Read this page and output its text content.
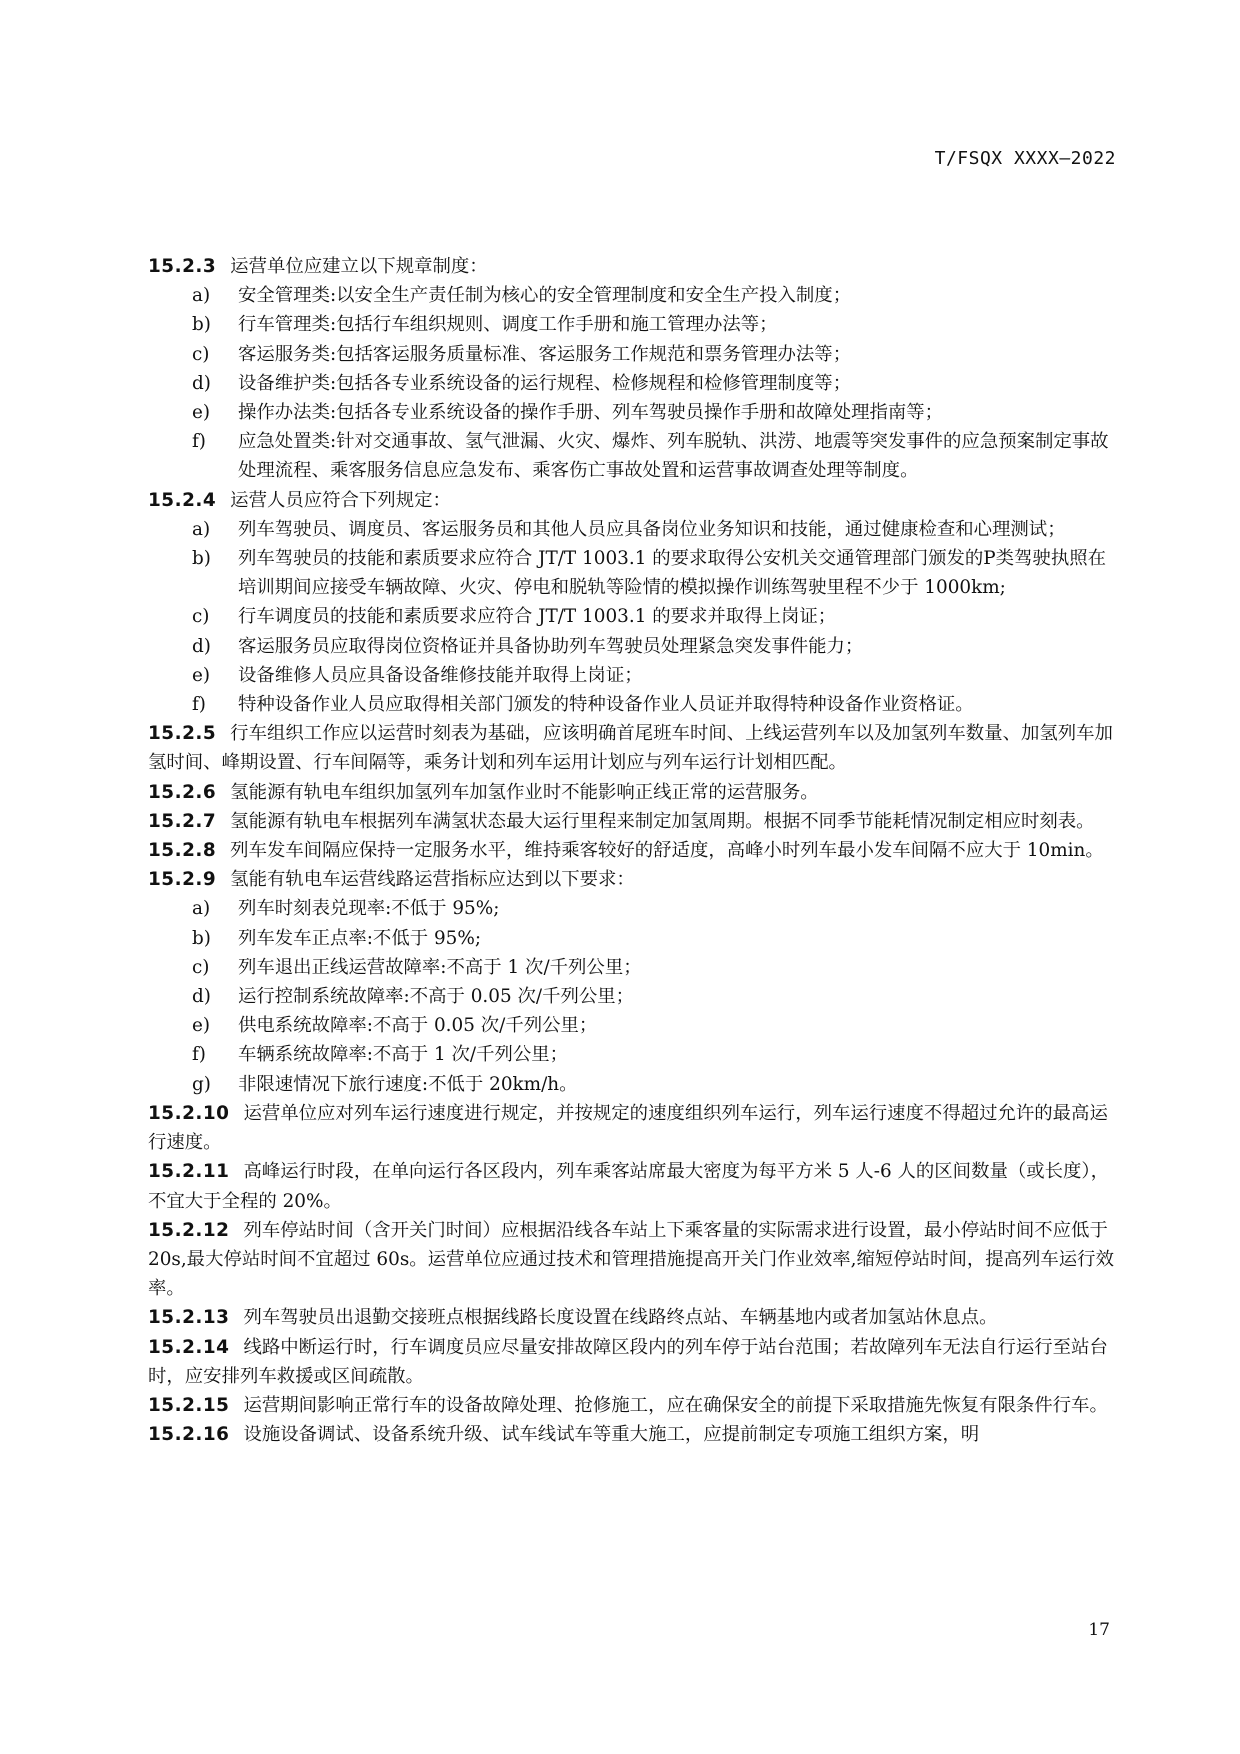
T/FSQX XXXX—2022

15.2.3 运营单位应建立以下规章制度：

a)	安全管理类:以安全生产责任制为核心的安全管理制度和安全生产投入制度；
b)	行车管理类:包括行车组织规则、调度工作手册和施工管理办法等；
c)	客运服务类:包括客运服务质量标准、客运服务工作规范和票务管理办法等；
d)	设备维护类:包括各专业系统设备的运行规程、检修规程和检修管理制度等；
e)	操作办法类:包括各专业系统设备的操作手册、列车驾驶员操作手册和故障处理指南等；
f)	应急处置类:针对交通事故、氢气泄漏、火灾、爆炸、列车脱轨、洪涝、地震等突发事件的应急预案制定事故处理流程、乘客服务信息应急发布、乘客伤亡事故处置和运营事故调查处理等制度。

15.2.4 运营人员应符合下列规定：

a)	列车驾驶员、调度员、客运服务员和其他人员应具备岗位业务知识和技能，通过健康检查和心理测试；
b)	列车驾驶员的技能和素质要求应符合 JT/T 1003.1 的要求取得公安机关交通管理部门颁发的P类驾驶执照在培训期间应接受车辆故障、火灾、停电和脱轨等险情的模拟操作训练驾驶里程不少于 1000km;
c)	行车调度员的技能和素质要求应符合 JT/T 1003.1 的要求并取得上岗证；
d)	客运服务员应取得岗位资格证并具备协助列车驾驶员处理紧急突发事件能力；
e)	设备维修人员应具备设备维修技能并取得上岗证；
f)	特种设备作业人员应取得相关部门颁发的特种设备作业人员证并取得特种设备作业资格证。

15.2.5 行车组织工作应以运营时刻表为基础，应该明确首尾班车时间、上线运营列车以及加氢列车数量、加氢列车加氢时间、峰期设置、行车间隔等，乘务计划和列车运用计划应与列车运行计划相匹配。

15.2.6 氢能源有轨电车组织加氢列车加氢作业时不能影响正线正常的运营服务。

15.2.7 氢能源有轨电车根据列车满氢状态最大运行里程来制定加氢周期。根据不同季节能耗情况制定相应时刻表。

15.2.8 列车发车间隔应保持一定服务水平，维持乘客较好的舒适度，高峰小时列车最小发车间隔不应大于 10min。

15.2.9 氢能有轨电车运营线路运营指标应达到以下要求：

a)	列车时刻表兑现率:不低于 95%;
b)	列车发车正点率:不低于 95%;
c)	列车退出正线运营故障率:不高于 1 次/千列公里；
d)	运行控制系统故障率:不高于 0.05 次/千列公里；
e)	供电系统故障率:不高于 0.05 次/千列公里；
f)	车辆系统故障率:不高于 1 次/千列公里；
g)	非限速情况下旅行速度:不低于 20km/h。

15.2.10 运营单位应对列车运行速度进行规定，并按规定的速度组织列车运行，列车运行速度不得超过允许的最高运行速度。

15.2.11 高峰运行时段，在单向运行各区段内，列车乘客站席最大密度为每平方米 5 人-6 人的区间数量（或长度），不宜大于全程的 20%。

15.2.12 列车停站时间（含开关门时间）应根据沿线各车站上下乘客量的实际需求进行设置，最小停站时间不应低于 20s,最大停站时间不宜超过 60s。运营单位应通过技术和管理措施提高开关门作业效率,缩短停站时间，提高列车运行效率。

15.2.13 列车驾驶员出退勤交接班点根据线路长度设置在线路终点站、车辆基地内或者加氢站休息点。

15.2.14 线路中断运行时，行车调度员应尽量安排故障区段内的列车停于站台范围；若故障列车无法自行运行至站台时，应安排列车救援或区间疏散。

15.2.15 运营期间影响正常行车的设备故障处理、抢修施工，应在确保安全的前提下采取措施先恢复有限条件行车。

15.2.16 设施设备调试、设备系统升级、试车线试车等重大施工，应提前制定专项施工组织方案，明

17
